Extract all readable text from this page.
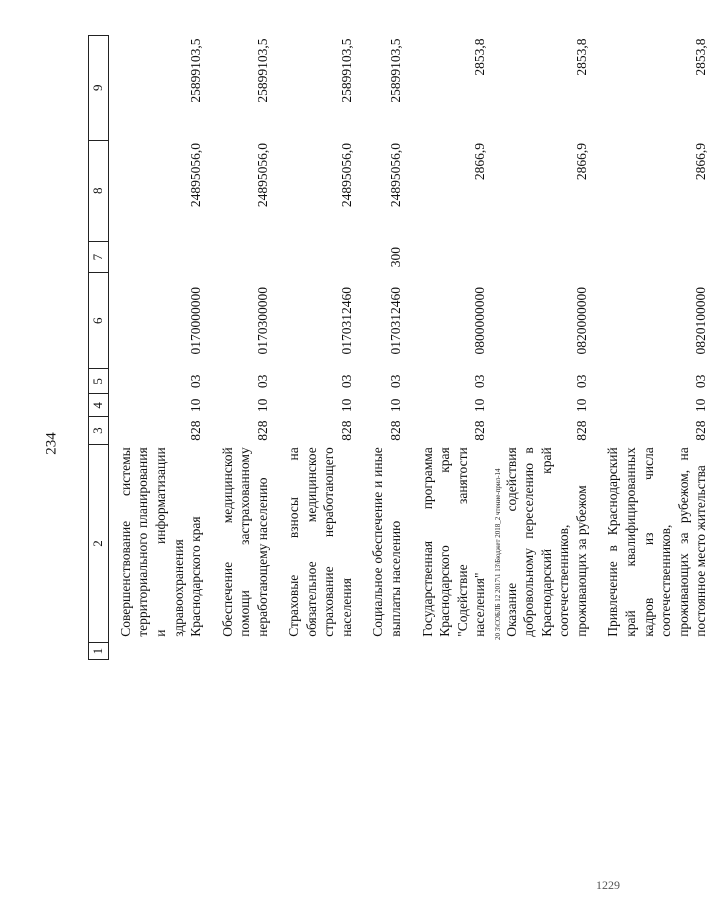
234
20 3\СОБЛБ 12 2017\1 13\Бюджет 2018_2 чтение-прил-14
1229
1	2	3	4	5	6	7	8	9
	Совершенствование системы территориального планирования и информатизации здравоохранения Краснодарского края	828	10	03	0170000000		24895056,0	25899103,5
	Обеспечение медицинской помощи застрахованному неработающему населению	828	10	03	0170300000		24895056,0	25899103,5
	Страховые взносы на обязательное медицинское страхование неработающего населения	828	10	03	0170312460		24895056,0	25899103,5
	Социальное обеспечение и иные выплаты населению	828	10	03	0170312460	300	24895056,0	25899103,5
	Государственная программа Краснодарского края "Содействие занятости населения"	828	10	03	0800000000		2866,9	2853,8
	Оказание содействия добровольному переселению в Краснодарский край соотечественников, проживающих за рубежом	828	10	03	0820000000		2866,9	2853,8
	Привлечение в Краснодарский край квалифицированных кадров из числа соотечественников, проживающих за рубежом, на постоянное место жительства	828	10	03	0820100000		2866,9	2853,8
